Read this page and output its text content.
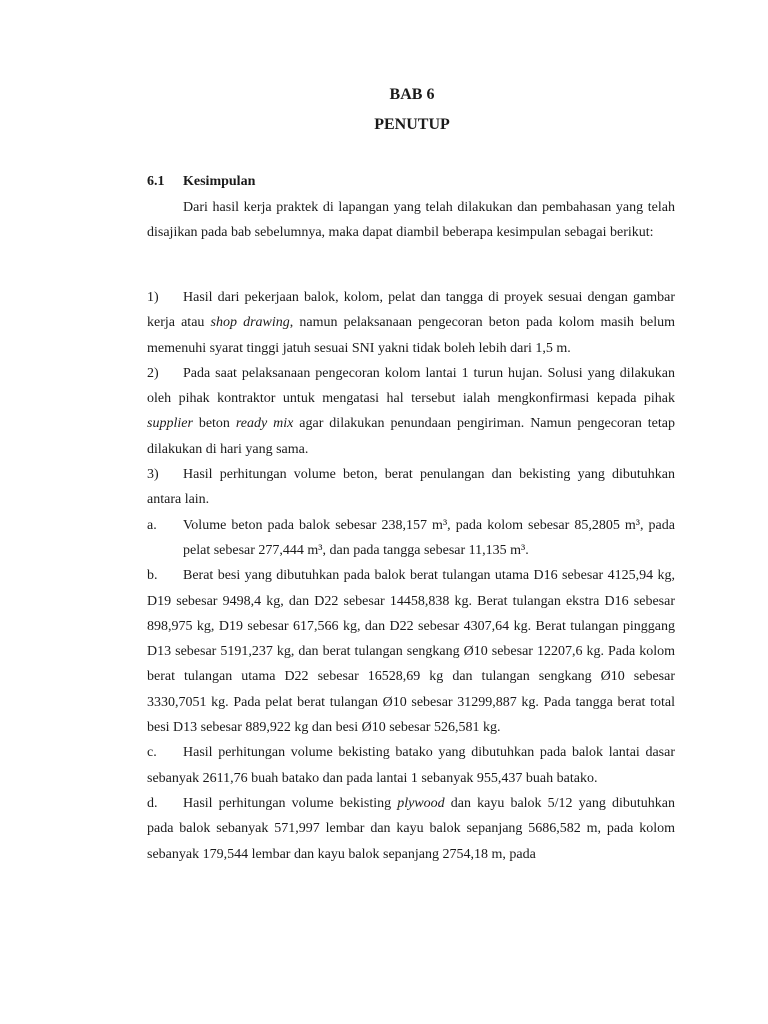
BAB 6
PENUTUP
6.1 Kesimpulan

Dari hasil kerja praktek di lapangan yang telah dilakukan dan pembahasan yang telah disajikan pada bab sebelumnya, maka dapat diambil beberapa kesimpulan sebagai berikut:

1) Hasil dari pekerjaan balok, kolom, pelat dan tangga di proyek sesuai dengan gambar kerja atau shop drawing, namun pelaksanaan pengecoran beton pada kolom masih belum memenuhi syarat tinggi jatuh sesuai SNI yakni tidak boleh lebih dari 1,5 m.

2) Pada saat pelaksanaan pengecoran kolom lantai 1 turun hujan. Solusi yang dilakukan oleh pihak kontraktor untuk mengatasi hal tersebut ialah mengkonfirmasi kepada pihak supplier beton ready mix agar dilakukan penundaan pengiriman. Namun pengecoran tetap dilakukan di hari yang sama.

3) Hasil perhitungan volume beton, berat penulangan dan bekisting yang dibutuhkan antara lain.

a. Volume beton pada balok sebesar 238,157 m³, pada kolom sebesar 85,2805 m³, pada pelat sebesar 277,444 m³, dan pada tangga sebesar 11,135 m³.

b. Berat besi yang dibutuhkan pada balok berat tulangan utama D16 sebesar 4125,94 kg, D19 sebesar 9498,4 kg, dan D22 sebesar 14458,838 kg. Berat tulangan ekstra D16 sebesar 898,975 kg, D19 sebesar 617,566 kg, dan D22 sebesar 4307,64 kg. Berat tulangan pinggang D13 sebesar 5191,237 kg, dan berat tulangan sengkang Ø10 sebesar 12207,6 kg. Pada kolom berat tulangan utama D22 sebesar 16528,69 kg dan tulangan sengkang Ø10 sebesar 3330,7051 kg. Pada pelat berat tulangan Ø10 sebesar 31299,887 kg. Pada tangga berat total besi D13 sebesar 889,922 kg dan besi Ø10 sebesar 526,581 kg.

c. Hasil perhitungan volume bekisting batako yang dibutuhkan pada balok lantai dasar sebanyak 2611,76 buah batako dan pada lantai 1 sebanyak 955,437 buah batako.

d. Hasil perhitungan volume bekisting plywood dan kayu balok 5/12 yang dibutuhkan pada balok sebanyak 571,997 lembar dan kayu balok sepanjang 5686,582 m, pada kolom sebanyak 179,544 lembar dan kayu balok sepanjang 2754,18 m, pada
